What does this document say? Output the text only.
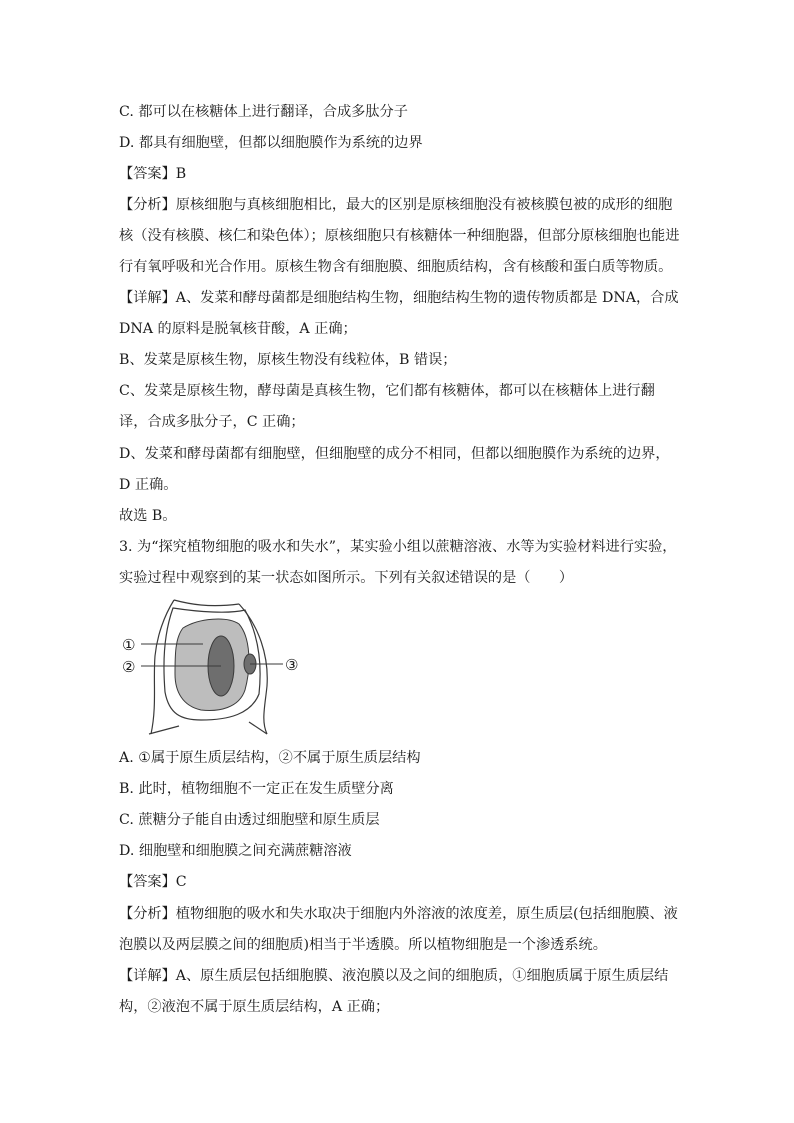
C. 都可以在核糖体上进行翻译，合成多肽分子
D. 都具有细胞壁，但都以细胞膜作为系统的边界
【答案】B
【分析】原核细胞与真核细胞相比，最大的区别是原核细胞没有被核膜包被的成形的细胞
核（没有核膜、核仁和染色体）；原核细胞只有核糖体一种细胞器，但部分原核细胞也能进
行有氧呼吸和光合作用。原核生物含有细胞膜、细胞质结构，含有核酸和蛋白质等物质。
【详解】A、发菜和酵母菌都是细胞结构生物，细胞结构生物的遗传物质都是 DNA，合成
DNA 的原料是脱氧核苷酸，A 正确；
B、发菜是原核生物，原核生物没有线粒体，B 错误；
C、发菜是原核生物，酵母菌是真核生物，它们都有核糖体，都可以在核糖体上进行翻
译，合成多肽分子，C 正确；
D、发菜和酵母菌都有细胞壁，但细胞壁的成分不相同，但都以细胞膜作为系统的边界，
D 正确。
故选 B。
3. 为“探究植物细胞的吸水和失水”，某实验小组以蔗糖溶液、水等为实验材料进行实验，
实验过程中观察到的某一状态如图所示。下列有关叙述错误的是（　　）
①
②	③
A. ①属于原生质层结构，②不属于原生质层结构
B. 此时，植物细胞不一定正在发生质壁分离
C. 蔗糖分子能自由透过细胞壁和原生质层
D. 细胞壁和细胞膜之间充满蔗糖溶液
【答案】C
【分析】植物细胞的吸水和失水取决于细胞内外溶液的浓度差，原生质层(包括细胞膜、液
泡膜以及两层膜之间的细胞质)相当于半透膜。所以植物细胞是一个渗透系统。
【详解】A、原生质层包括细胞膜、液泡膜以及之间的细胞质，①细胞质属于原生质层结
构，②液泡不属于原生质层结构，A 正确；
